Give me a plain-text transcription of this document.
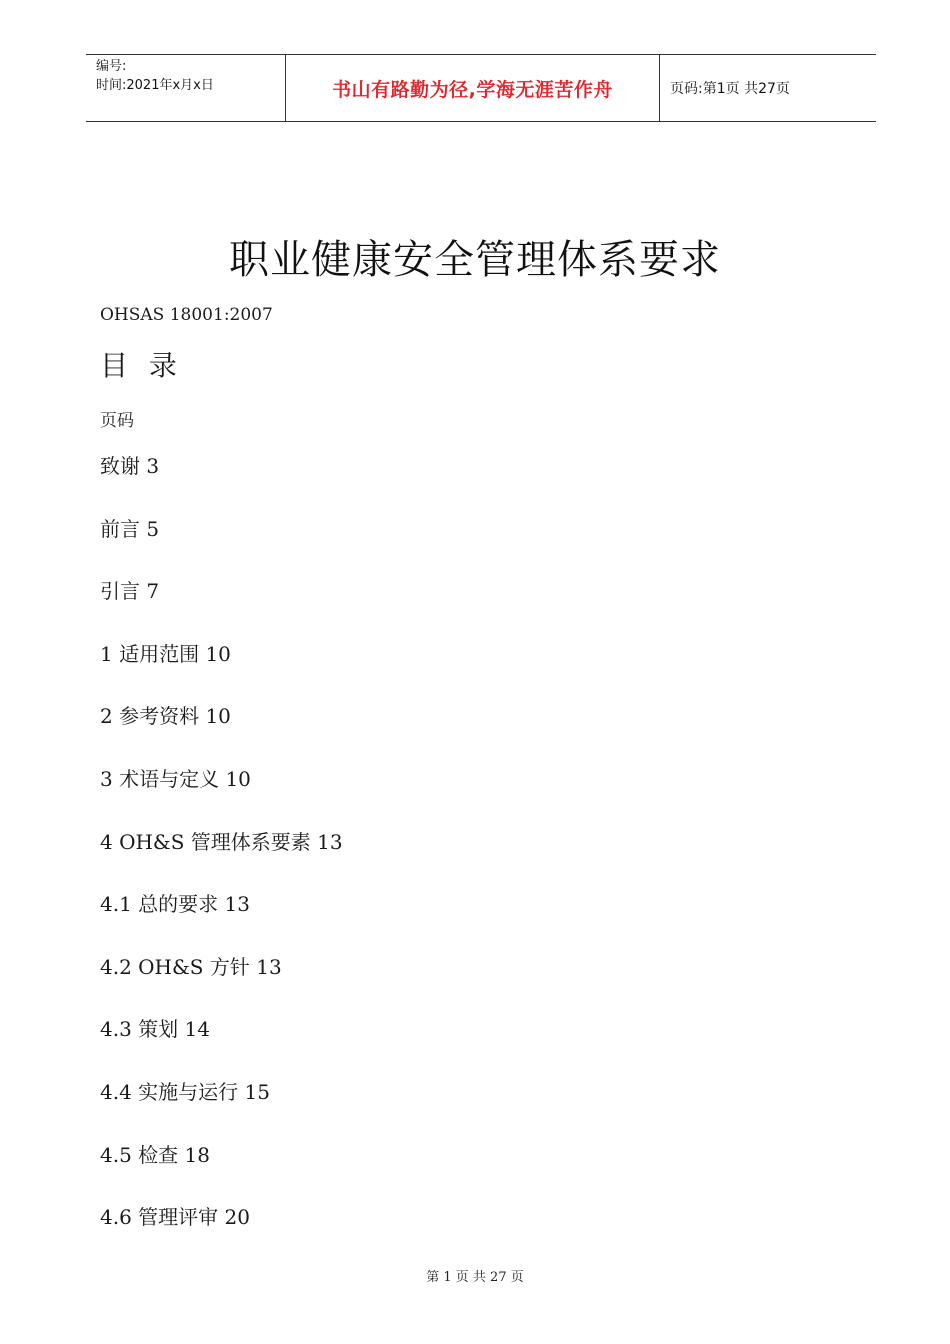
编号:
时间:2021年x月x日	书山有路勤为径,学海无涯苦作舟	页码:第1页 共27页
职业健康安全管理体系要求
OHSAS 18001:2007
目 录
页码
致谢 3
前言 5
引言 7
1 适用范围 10
2 参考资料 10
3 术语与定义 10
4 OH&S 管理体系要素 13
4.1 总的要求 13
4.2 OH&S 方针 13
4.3 策划 14
4.4 实施与运行 15
4.5 检查 18
4.6 管理评审 20
第 1 页 共 27 页
